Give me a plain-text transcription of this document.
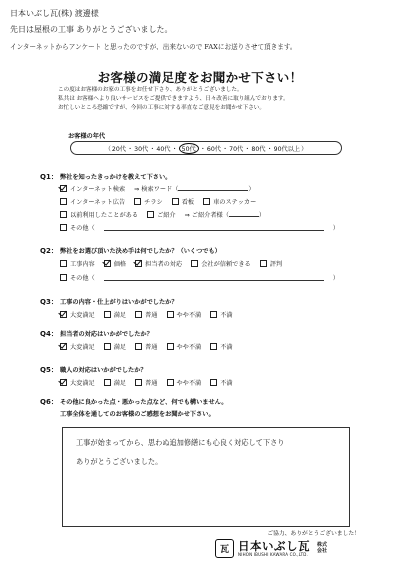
日本いぶし瓦(株) 渡邊様
先日は屋根の工事 ありがとうございました。
インターネットからアンケート と思ったのですが、出来ないので FAXにお送りさせて頂きます。
お客様の満足度をお聞かせ下さい！
この度はお客様のお家の工事をお任せ下さり、ありがとうございました。
私共は お客様へより良いサービスをご提供できますよう、日々改善に取り組んでおります。
お忙しいところ恐縮ですが、今回の工事に対する率直なご意見をお聞かせ下さい。
お客様の年代
（ 20代 ・ 30代 ・ 40代 ・ 50代 ・ 60代 ・ 70代 ・ 80代 ・ 90代以上 ）
Q1： 弊社を知ったきっかけを教えて下さい。
インターネット検索 ⇒ 検索ワード（	）
インターネット広告	チラシ	看板	車のステッカー
以前利用したことがある	ご紹介 ⇒ ご紹介者様（	）
その他（	）
Q2： 弊社をお選び頂いた決め手は何でしたか？（いくつでも）
工事内容	価格	担当者の対応	会社が信頼できる	評判
その他（	）
Q3： 工事の内容・仕上がりはいかがでしたか？
大変満足	満足	普通	やや不満	不満
Q4： 担当者の対応はいかがでしたか？
大変満足	満足	普通	やや不満	不満
Q5： 職人の対応はいかがでしたか？
大変満足	満足	普通	やや不満	不満
Q6： その他に良かった点・悪かった点など、何でも構いません。
工事全体を通してのお客様のご感想をお聞かせ下さい。
工事が始まってから、思わぬ追加修繕にも心良く対応して下さり
ありがとうございました。
ご協力、ありがとうございました！
瓦 日本いぶし瓦
NIHON IBUSHI KAWARA CO.,LTD.
株式
会社
